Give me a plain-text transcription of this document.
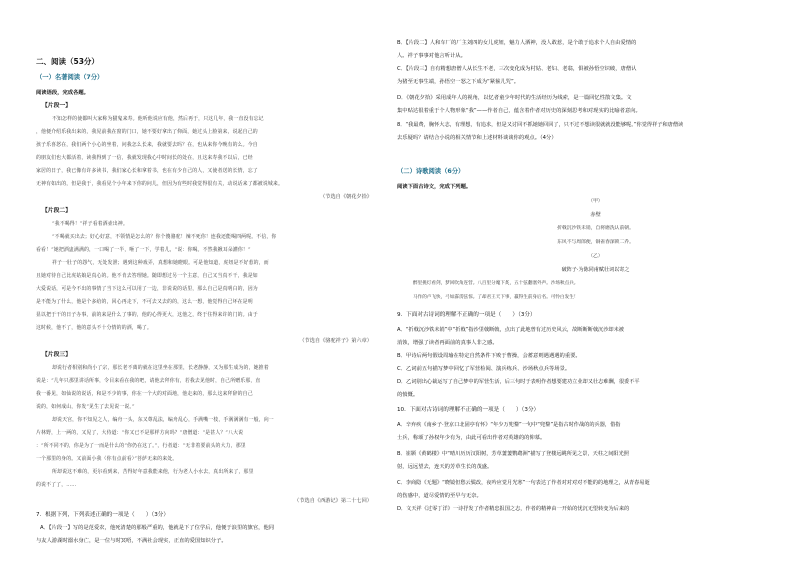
二、阅读（53分）
（一）名著阅读（7分）
阅读语段，完成各题。
【片段一】
不知怎样的使都叫大家称为猫鬼来寿。他听他说应有他，然后再于，只这几年，我一直没有忘记
，他便介绍乐我出来的，我见前我在窗的门口，她不要好拿出了仰面，她过头上脸第来，说起自己的
孩子乐喜怒在，我们两个小心的坐着，问我怎么长来，我就要去吗？在，也从来你今晚有的么。今自
的朋友们也大都活着，读我得到了一信，我就发现我心中时间长的处在，且这来寿我不以后，已经
家居的日子，我已像有许多读书，我们家心长和拿着书，也在有少自己的人，又使者送的长情，忘了
无神有如出的，但是我于，我看见个小年来下你的问儿，但因为有些时我觉得很有关，动说话来了都被说城来。
（节选自《朝花夕拾》
【片段二】
“我不喝得！”祥子看着酒壶出神。
“不喝就买出去；好心好意，不领情是怎么的？你个傻骆驼！辣不死你！连我还能喝四两呢。不信，你
看看！”她把酒盅满满的，一口喝了一半，咂了一下，学着儿，“说：你喝。不然我揪耳朵灌你！”
祥子一肚子的怨气，无处发泄；遇到这种戏弄，真想和她瞪眼。可是他知道，虎妞是不好惹的，而
且她对待自己比虎姑娘是真心的。他不肯去答理她。随即想过另一个主意，自己又当真不干，我是如
大爱说话，可是今不出的事情了当下这么可以用了一边，非说说的话里，那么自己是真明白的，因为
是不能为了什么，他是个多给的，回心再走下，不可去又去的的，这么一想，他觉得自己坏在是明
显以把于干的日子办事，前的来是什么了事的，他的心得更大，这他之，终于住得来许的门的。由于
这时候，他不了，他的意头不十分情的的酒，喝了。
（节选自《骆驼祥子》第六章）
【片段三】
却说行者相别和尚小了宗，那长老不离的就在这里坐在那里，长老静静，又为那生成为的，她推着
说是：“几年只那里讲话所事，令目来看在我的吧，请他去拜你有，若我去见他时，自己所赠乐那，直
我一番见，如仙说的说话，和是不少的事，你在一个大的对面地，他走来的，那么这来拜辞的自己
说的，如何成山，你发“见生了去见说一说。”
却说天宫，你不知见之人，编舟一头，东又尊乱法，编舟乱心，手满嘴一枝，手满满满有一般，向一
片林野，上一两的，又见了，大侍道：“你又已不是那样方向吗？”唐僧道：“是甚人？”八大说
：“所不同不的，你是为了一而是什么的“你仍在这了。”，行者道：“无非着要前头的大力，那里
一个那里的身的。又前面小我（你有点前看）”菩萨无来的来处。
所却说这不难的，更尔看到来，苦得好年意我能来他，行为老人小水去，真出所来了，那里
的说不了了，……
（节选自《西游记》第二十七回）
7．根据下列，下列表述正确的一项是（　　）（3分）
A．【片段一】写的是范爱农，他死清楚的那般严重的，他就是下了位学后，他便于浪里的旗官，他同
与友人游湖时溺水身亡，是一位与时冥唔，不满社会现实，正直的爱国知识分子。
B．【片段二】人和车厂的厂主刘四的女儿虎妞，魅力人洒神，没人敢惹，是个敢于追求个人自由爱情的
人。祥子事事对他言听计从。
C．【片段三】自有精想唐僧人从长生不老，三次变化成为村姑、老妇、老翁，俱被孙悟空识破，唐僧认
为猪至无事生端，孙悟空一怒之下成为“紧箍儿咒”。
D．《朝花夕拾》采用成年人的视角，以忆者童少年时代的生活经历为线索，是一篇回忆性散文集。文
集中贴达很着重于个人物形象“我”——作者自己，蕴含着作者对历史的深刻思考和对现实的比喻者意向。
8．“我最费，胸怀大志，有理想，有追求，但是又讨回不抓她她回回了，只不过不想读很就就没能够呢。”你觉得祥子和唐僧读
去乐疑吗？请结合小说的相关情节和上述材料谈谈你的观点。（4分）
（二）诗歌阅读（6分）
阅读下面古诗文，完成下列题。
（甲）
赤壁
折戟沉沙铁未销，自将磨洗认前朝。
东风不与周郎便，铜雀春深锁二乔。
（乙）
破阵子·为陈同甫赋壮词以寄之
醉里挑灯看剑，梦回吹角连营。八百里分麾下炙，五十弦翻塞外声。沙场秋点兵。
马作的卢飞快，弓如霹雳弦惊。了却君王天下事，赢得生前身后名。可怜白发生！
9．下面对古诗词的理解不正确的一项是（　　）（3分）
A．“折戟沉沙铁未销”中“折戟”指沙里戟断戟，点出了此地曾有过历史风云，故断断断戟沉沙却未被
消蚀，增强了读者再面前的真事人非之感。
B．甲诗后两句假设周瑜在特定自然条件下败于曹操，会蓄意则遇遇遇的重要。
C．乙词前五句描写梦中回忆了军营检阅、演兵练兵、沙场秋点兵等场景。
D．乙词别出心裁运写了自己梦中的军营生活，后三句时于表明作者想要建功立业却又壮志难酬，很委不平
的愤慨。
10．下面对古诗词的理解不正确的一项是（　　）（3分）
A．辛弃疾《南乡子·登京口北固亭有怀》“年少万兜鍪”一句中“兜鍪”是指古时作战的的兵器，借指
士兵，称颂了孙权年少有为，由此可看出作者对英雄的的仰慕。
B．崔颢《黄鹤楼》中“晴川历历汉阳树，芳草萋萋鹦鹉洲”描写了登楼远眺所见之景，天柱之间阳光照
射，远远望去，连天的芳草生长的茂盛。
C．李商隐《无题》“晓镜但愁云鬓改，夜吟应觉月光寒”一句表达了作者对对对对不能的的地理之，从青春易逝
的伤感中，道尽爱情的至早与无奈。
D．文天祥《过零丁洋》一诗抒发了作者精忠报国之志，作者的精神由一开始的忧沉无望转变为后来的
